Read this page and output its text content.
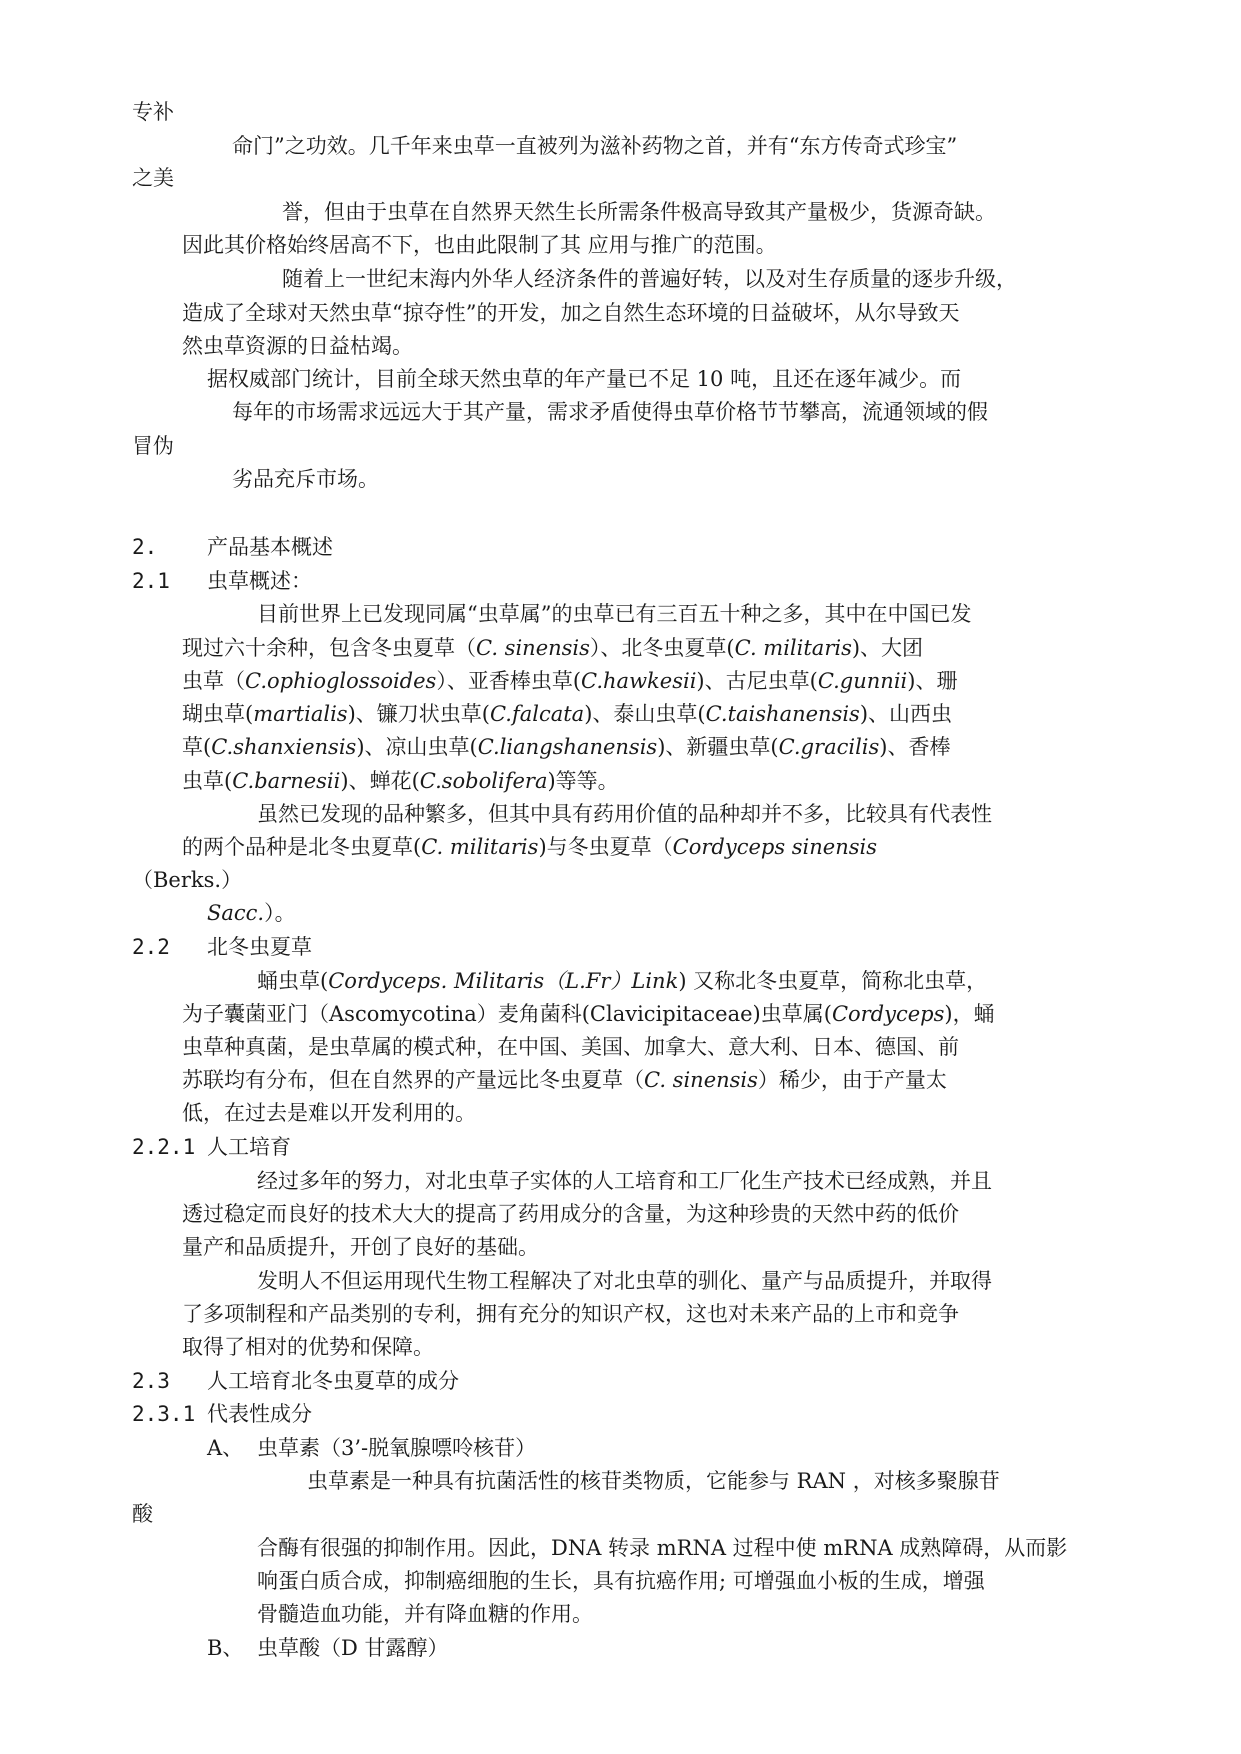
专补
命门”之功效。几千年来虫草一直被列为滋补药物之首，并有“东方传奇式珍宝”
之美
誉，但由于虫草在自然界天然生长所需条件极高导致其产量极少，货源奇缺。
因此其价格始终居高不下，也由此限制了其 应用与推广的范围。
随着上一世纪末海内外华人经济条件的普遍好转，以及对生存质量的逐步升级，
造成了全球对天然虫草“掠夺性”的开发，加之自然生态环境的日益破坏，从尔导致天
然虫草资源的日益枯竭。
据权威部门统计，目前全球天然虫草的年产量已不足 10 吨，且还在逐年减少。而
每年的市场需求远远大于其产量，需求矛盾使得虫草价格节节攀高，流通领域的假
冒伪
劣品充斥市场。
2. 产品基本概述
2.1 虫草概述：
目前世界上已发现同属“虫草属”的虫草已有三百五十种之多，其中在中国已发
现过六十余种，包含冬虫夏草（C. sinensis）、北冬虫夏草(C. militaris)、大团
虫草（C.ophioglossoides）、亚香棒虫草(C.hawkesii)、古尼虫草(C.gunnii)、珊
瑚虫草(martialis)、镰刀状虫草(C.falcata)、泰山虫草(C.taishanensis)、山西虫
草(C.shanxiensis)、凉山虫草(C.liangshanensis)、新疆虫草(C.gracilis)、香棒
虫草(C.barnesii)、蝉花(C.sobolifera)等等。
虽然已发现的品种繁多，但其中具有药用价值的品种却并不多，比较具有代表性
的两个品种是北冬虫夏草(C. militaris)与冬虫夏草（Cordyceps sinensis
（Berks.）
Sacc.）。
2.2 北冬虫夏草
蛹虫草(Cordyceps. Militaris（L.Fr）Link) 又称北冬虫夏草，简称北虫草，
为子囊菌亚门（Ascomycotina）麦角菌科(Clavicipitaceae)虫草属(Cordyceps)，蛹
虫草种真菌，是虫草属的模式种，在中国、美国、加拿大、意大利、日本、德国、前
苏联均有分布，但在自然界的产量远比冬虫夏草（C. sinensis）稀少，由于产量太
低，在过去是难以开发利用的。
2.2.1 人工培育
经过多年的努力，对北虫草子实体的人工培育和工厂化生产技术已经成熟，并且
透过稳定而良好的技术大大的提高了药用成分的含量，为这种珍贵的天然中药的低价
量产和品质提升，开创了良好的基础。
发明人不但运用现代生物工程解决了对北虫草的驯化、量产与品质提升，并取得
了多项制程和产品类别的专利，拥有充分的知识产权，这也对未来产品的上市和竞争
取得了相对的优势和保障。
2.3 人工培育北冬虫夏草的成分
2.3.1 代表性成分
A、 虫草素（3’-脱氧腺嘌呤核苷）
虫草素是一种具有抗菌活性的核苷类物质，它能参与 RAN ，对核多聚腺苷
酸
合酶有很强的抑制作用。因此，DNA 转录 mRNA 过程中使 mRNA 成熟障碍，从而影
响蛋白质合成，抑制癌细胞的生长，具有抗癌作用; 可增强血小板的生成，增强
骨髓造血功能，并有降血糖的作用。
B、 虫草酸（D 甘露醇）
